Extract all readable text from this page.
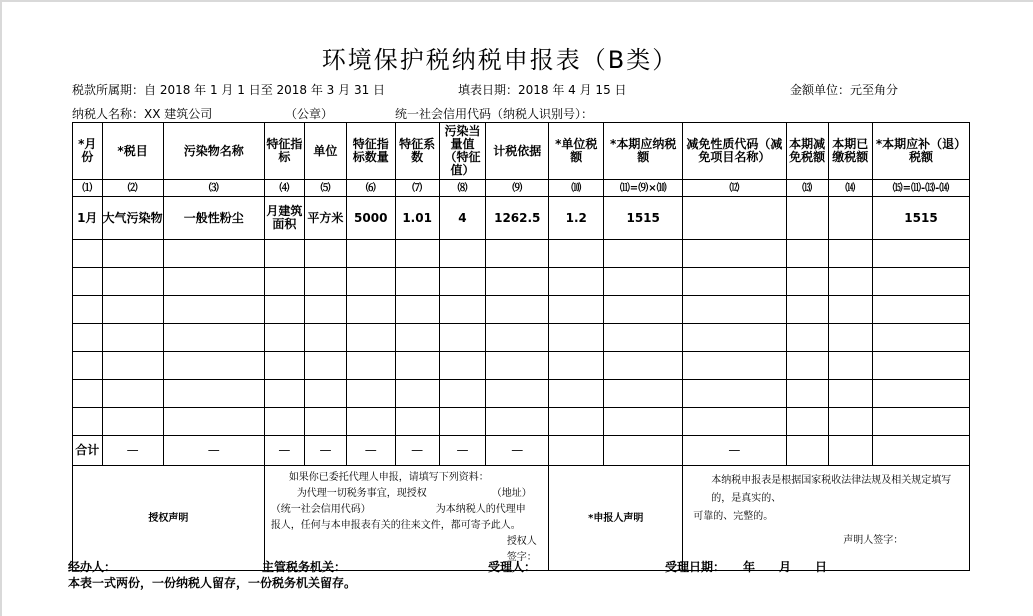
环境保护税纳税申报表（B类）
税款所属期：自 2018 年 1 月 1 日至 2018 年 3 月 31 日	填表日期：2018 年 4 月 15 日	金额单位：元至角分
纳税人名称：XX 建筑公司	（公章）	统一社会信用代码（纳税人识别号）：
*月份	*税目	污染物名称	特征指标	单位	特征指标数量	特征系数	污染当量值（特征值）	计税依据	*单位税额	*本期应纳税额	减免性质代码（减免项目名称）	本期减免税额	本期已缴税额	*本期应补（退）税额
⑴	⑵	⑶	⑷	⑸	⑹	⑺	⑻	⑼	⑽	⑾=⑼×⑽	⑿	⒀	⒁	⒂=⑾-⒀-⒁
1月	大气污染物	一般性粉尘	月建筑面积	平方米	5000	1.01	4	1262.5	1.2	1515				1515

合计	—	—	—	—	—	—	—	—			—			
授权声明			如果你已委托代理人申报，请填写下列资料：
为代理一切税务事宜，现授权　　　　　　　（地址）
（统一社会信用代码）　　　　　　　为本纳税人的代理申
报人，任何与本申报表有关的往来文件，都可寄予此人。
授权人签字：						*申报人声明		本纳税申报表是根据国家税收法律法规及相关规定填写的，是真实的、
可靠的、完整的。
声明人签字：			
经办人：	主管税务机关：	受理人：	受理日期：　　年　　月　　日
本表一式两份，一份纳税人留存，一份税务机关留存。
